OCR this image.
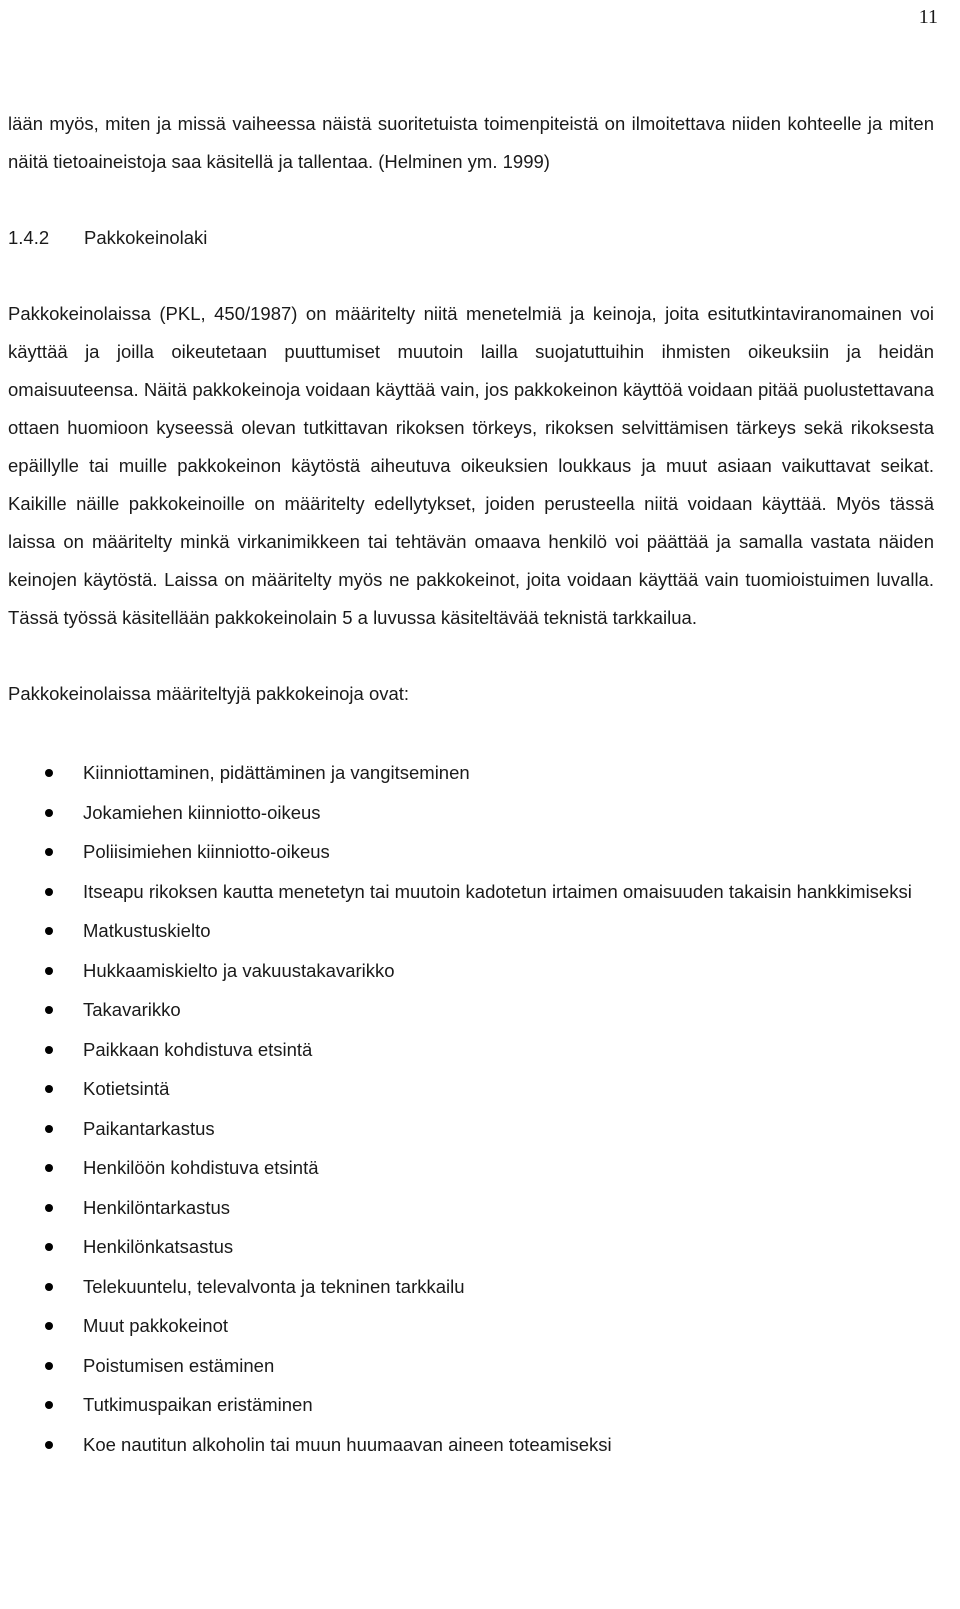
11

lään myös, miten ja missä vaiheessa näistä suoritetuista toimenpiteistä on ilmoitettava niiden kohteelle ja miten näitä tietoaineistoja saa käsitellä ja tallentaa. (Helminen ym. 1999)

1.4.2	Pakkokeinolaki

Pakkokeinolaissa (PKL, 450/1987) on määritelty niitä menetelmiä ja keinoja, joita esitutkintaviranomainen voi käyttää ja joilla oikeutetaan puuttumiset muutoin lailla suojatuttuihin ihmisten oikeuksiin ja heidän omaisuuteensa. Näitä pakkokeinoja voidaan käyttää vain, jos pakkokeinon käyttöä voidaan pitää puolustettavana ottaen huomioon kyseessä olevan tutkittavan rikoksen törkeys, rikoksen selvittämisen tärkeys sekä rikoksesta epäillylle tai muille pakkokeinon käytöstä aiheutuva oikeuksien loukkaus ja muut asiaan vaikuttavat seikat. Kaikille näille pakkokeinoille on määritelty edellytykset, joiden perusteella niitä voidaan käyttää. Myös tässä laissa on määritelty minkä virkanimikkeen tai tehtävän omaava henkilö voi päättää ja samalla vastata näiden keinojen käytöstä. Laissa on määritelty myös ne pakkokeinot, joita voidaan käyttää vain tuomioistuimen luvalla. Tässä työssä käsitellään pakkokeinolain 5 a luvussa käsiteltävää teknistä tarkkailua.

Pakkokeinolaissa määriteltyjä pakkokeinoja ovat:

Kiinniottaminen, pidättäminen ja vangitseminen
Jokamiehen kiinniotto-oikeus
Poliisimiehen kiinniotto-oikeus
Itseapu rikoksen kautta menetetyn tai muutoin kadotetun irtaimen omaisuuden takaisin hankkimiseksi
Matkustuskielto
Hukkaamiskielto ja vakuustakavarikko
Takavarikko
Paikkaan kohdistuva etsintä
Kotietsintä
Paikantarkastus
Henkilöön kohdistuva etsintä
Henkilöntarkastus
Henkilönkatsastus
Telekuuntelu, televalvonta ja tekninen tarkkailu
Muut pakkokeinot
Poistumisen estäminen
Tutkimuspaikan eristäminen
Koe nautitun alkoholin tai muun huumaavan aineen toteamiseksi
